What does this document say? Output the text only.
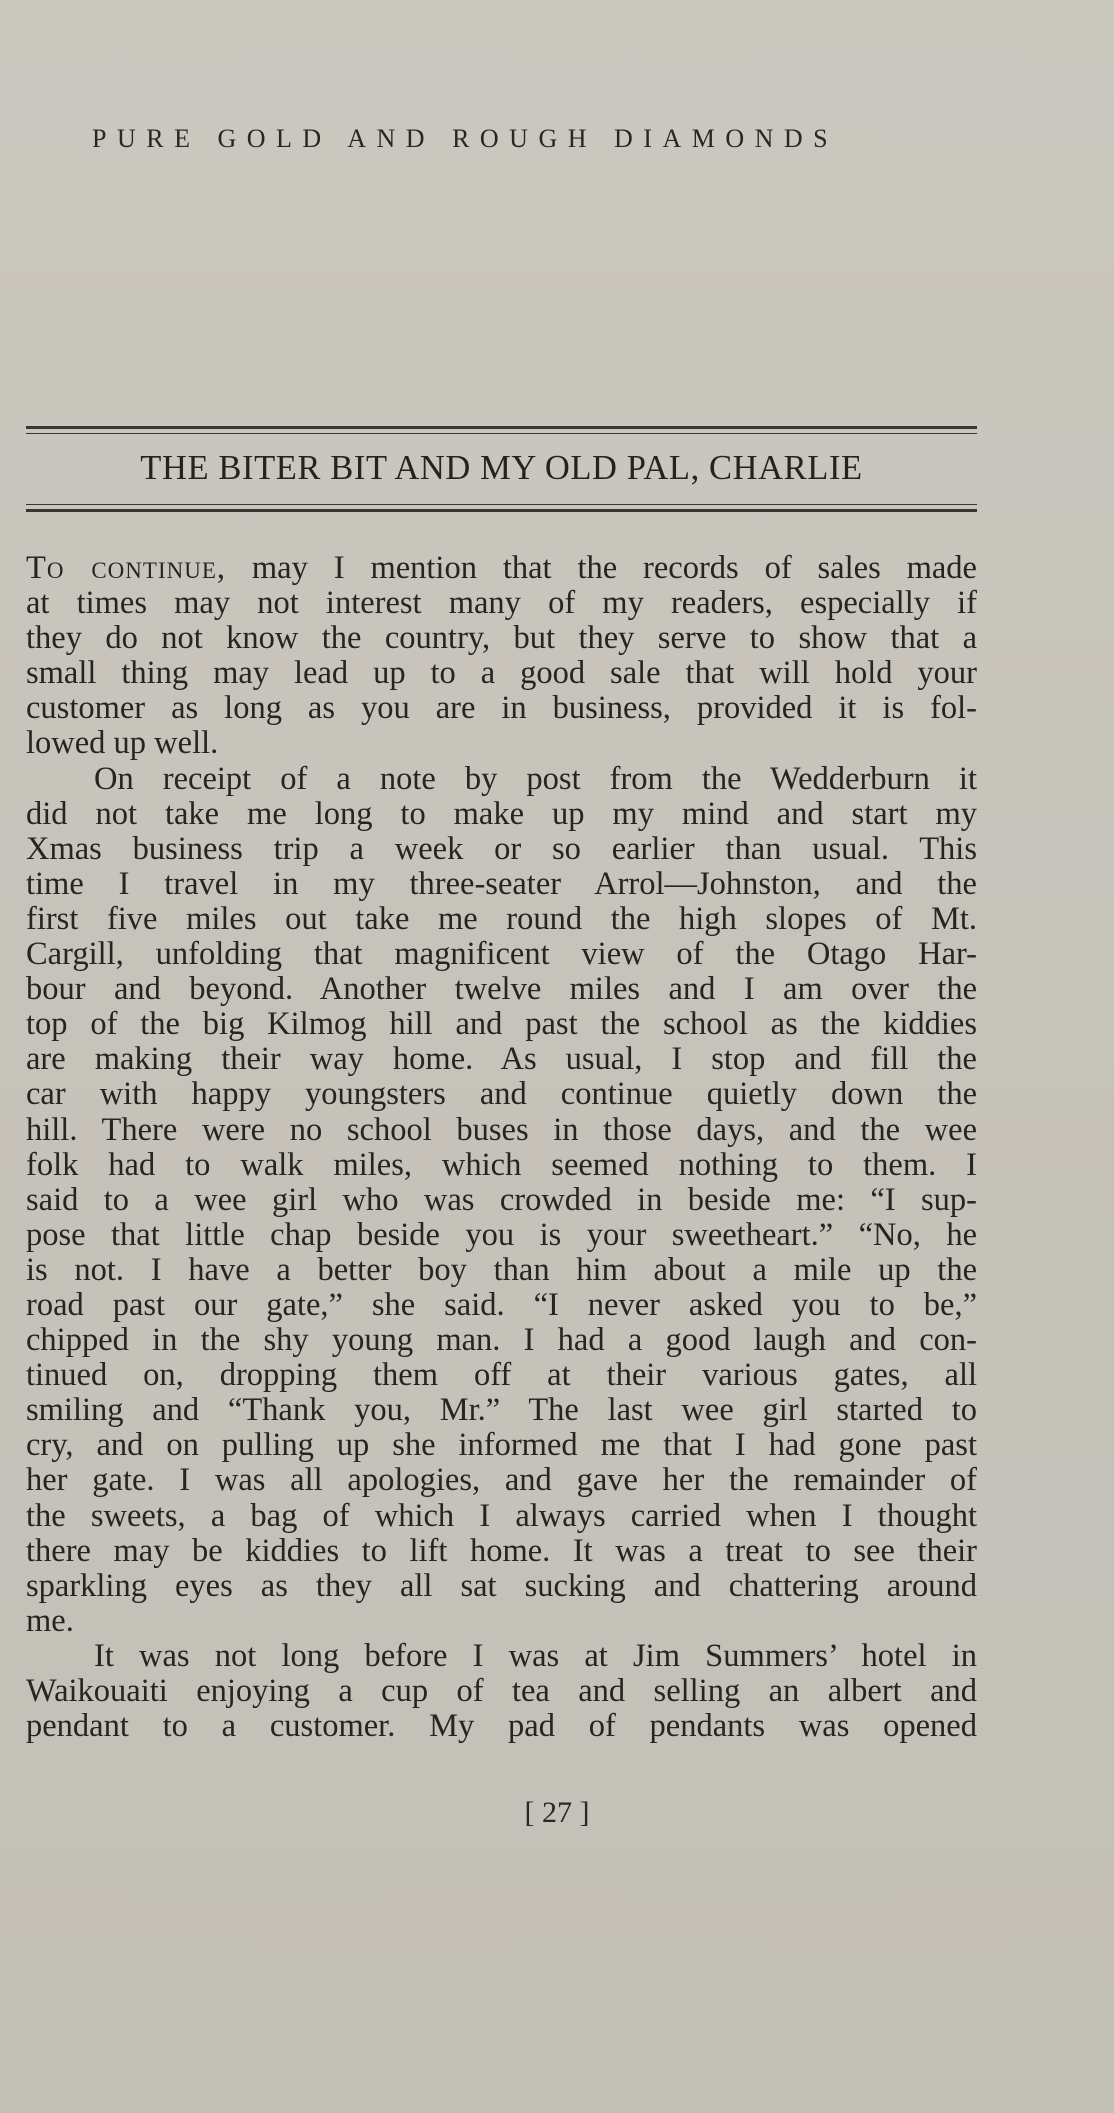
PURE GOLD AND ROUGH DIAMONDS
THE BITER BIT AND MY OLD PAL, CHARLIE
To continue, may I mention that the records of sales made
at times may not interest many of my readers, especially if
they do not know the country, but they serve to show that a
small thing may lead up to a good sale that will hold your
customer as long as you are in business, provided it is fol-
lowed up well.
On receipt of a note by post from the Wedderburn it
did not take me long to make up my mind and start my
Xmas business trip a week or so earlier than usual. This
time I travel in my three-seater Arrol—Johnston, and the
first five miles out take me round the high slopes of Mt.
Cargill, unfolding that magnificent view of the Otago Har-
bour and beyond. Another twelve miles and I am over the
top of the big Kilmog hill and past the school as the kiddies
are making their way home. As usual, I stop and fill the
car with happy youngsters and continue quietly down the
hill. There were no school buses in those days, and the wee
folk had to walk miles, which seemed nothing to them. I
said to a wee girl who was crowded in beside me: “I sup-
pose that little chap beside you is your sweetheart.” “No, he
is not. I have a better boy than him about a mile up the
road past our gate,” she said. “I never asked you to be,”
chipped in the shy young man. I had a good laugh and con-
tinued on, dropping them off at their various gates, all
smiling and “Thank you, Mr.” The last wee girl started to
cry, and on pulling up she informed me that I had gone past
her gate. I was all apologies, and gave her the remainder of
the sweets, a bag of which I always carried when I thought
there may be kiddies to lift home. It was a treat to see their
sparkling eyes as they all sat sucking and chattering around
me.
It was not long before I was at Jim Summers’ hotel in
Waikouaiti enjoying a cup of tea and selling an albert and
pendant to a customer. My pad of pendants was opened
[ 27 ]
